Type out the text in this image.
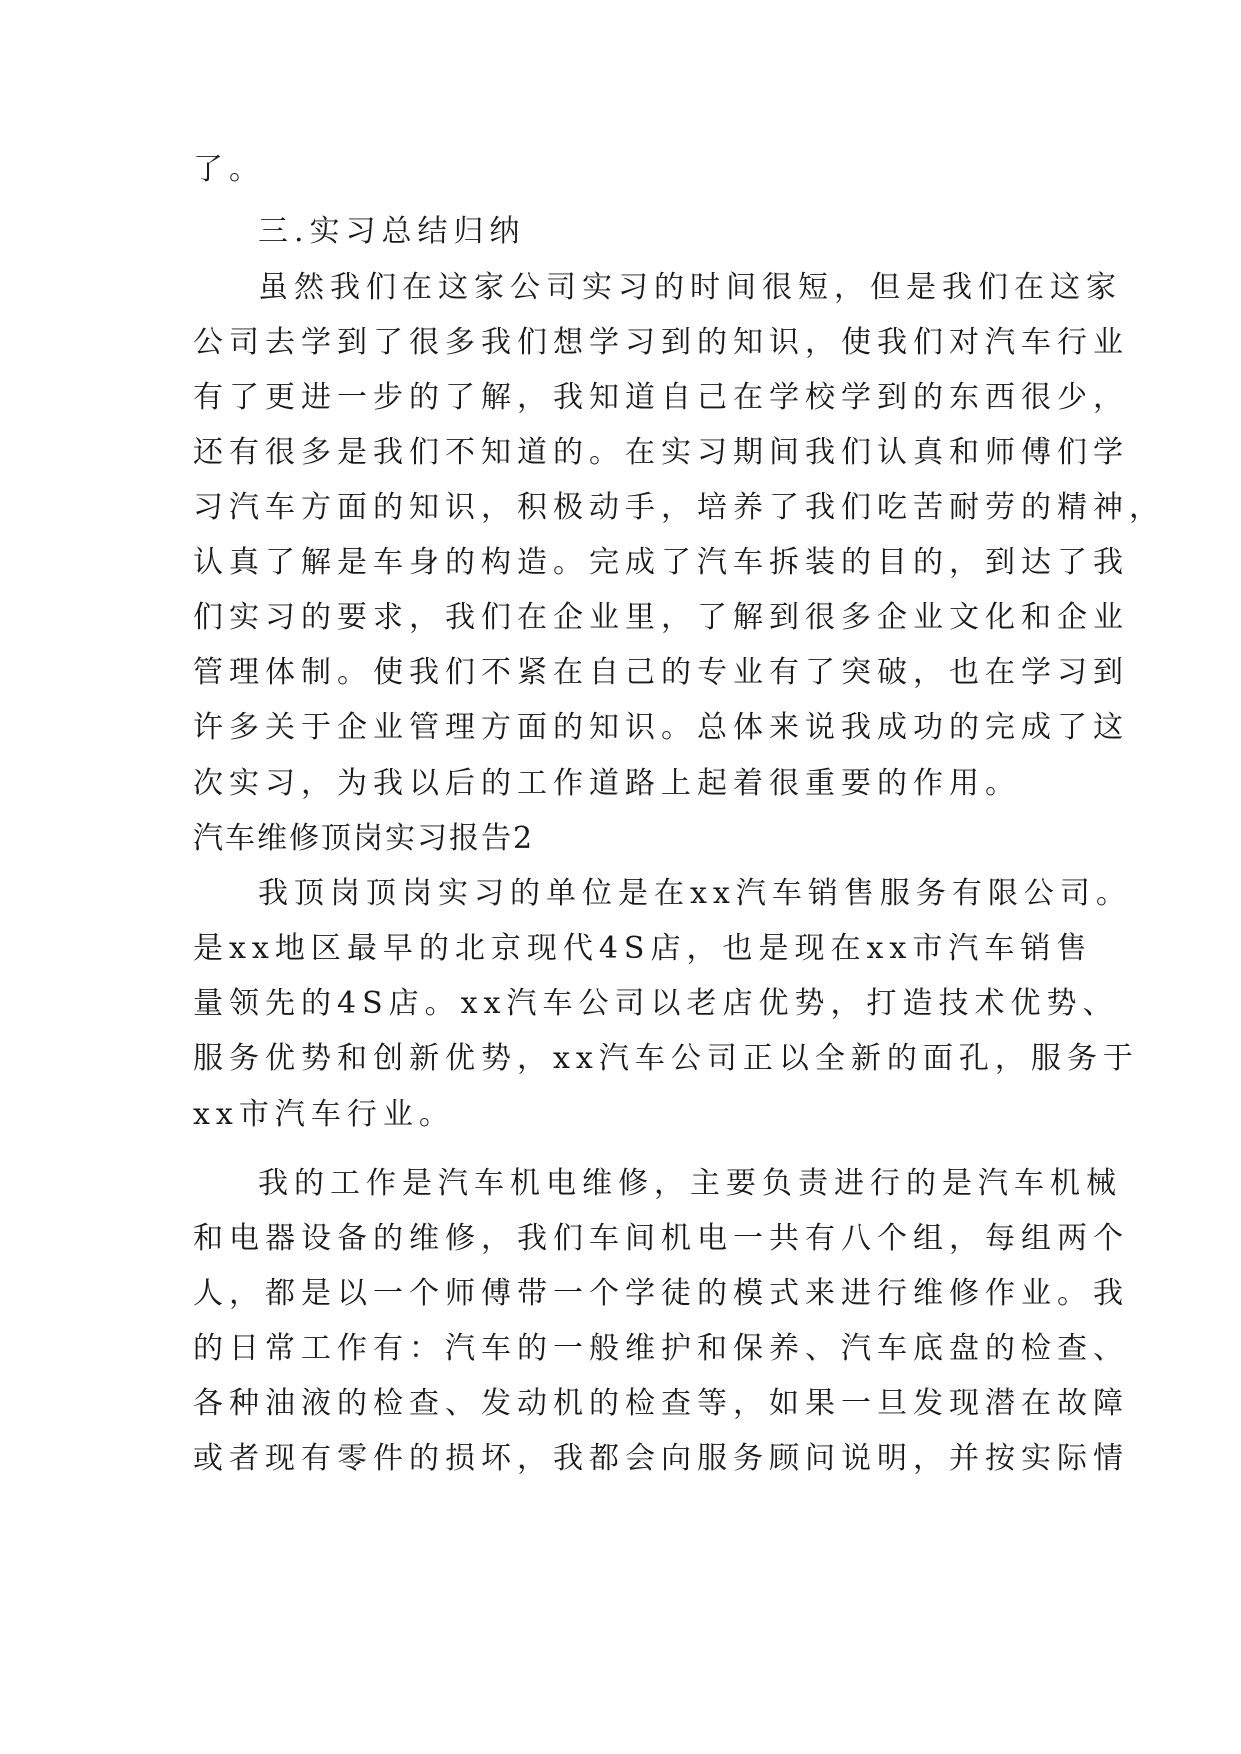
了。
三.实习总结归纳
虽然我们在这家公司实习的时间很短，但是我们在这家
公司去学到了很多我们想学习到的知识，使我们对汽车行业
有了更进一步的了解，我知道自己在学校学到的东西很少，
还有很多是我们不知道的。在实习期间我们认真和师傅们学
习汽车方面的知识，积极动手，培养了我们吃苦耐劳的精神，
认真了解是车身的构造。完成了汽车拆装的目的，到达了我
们实习的要求，我们在企业里，了解到很多企业文化和企业
管理体制。使我们不紧在自己的专业有了突破，也在学习到
许多关于企业管理方面的知识。总体来说我成功的完成了这
次实习，为我以后的工作道路上起着很重要的作用。
汽车维修顶岗实习报告2
我顶岗顶岗实习的单位是在xx汽车销售服务有限公司。
是xx地区最早的北京现代4S店，也是现在xx市汽车销售
量领先的4S店。xx汽车公司以老店优势，打造技术优势、
服务优势和创新优势，xx汽车公司正以全新的面孔，服务于
xx市汽车行业。
我的工作是汽车机电维修，主要负责进行的是汽车机械
和电器设备的维修，我们车间机电一共有八个组，每组两个
人，都是以一个师傅带一个学徒的模式来进行维修作业。我
的日常工作有：汽车的一般维护和保养、汽车底盘的检查、
各种油液的检查、发动机的检查等，如果一旦发现潜在故障
或者现有零件的损坏，我都会向服务顾问说明，并按实际情
